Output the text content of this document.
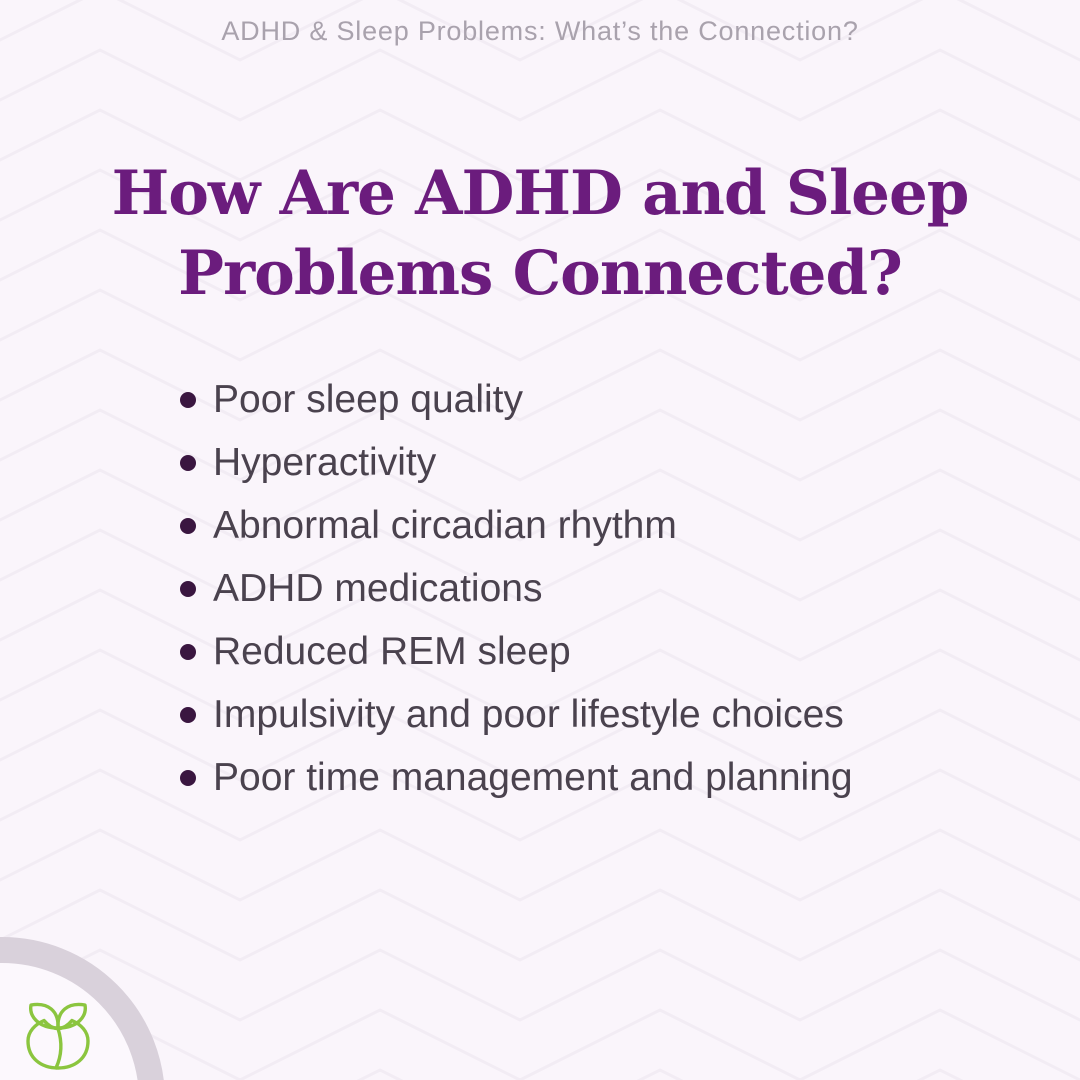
ADHD & Sleep Problems: What’s the Connection?
How Are ADHD and Sleep
Problems Connected?
Poor sleep quality
Hyperactivity
Abnormal circadian rhythm
ADHD medications
Reduced REM sleep
Impulsivity and poor lifestyle choices
Poor time management and planning
